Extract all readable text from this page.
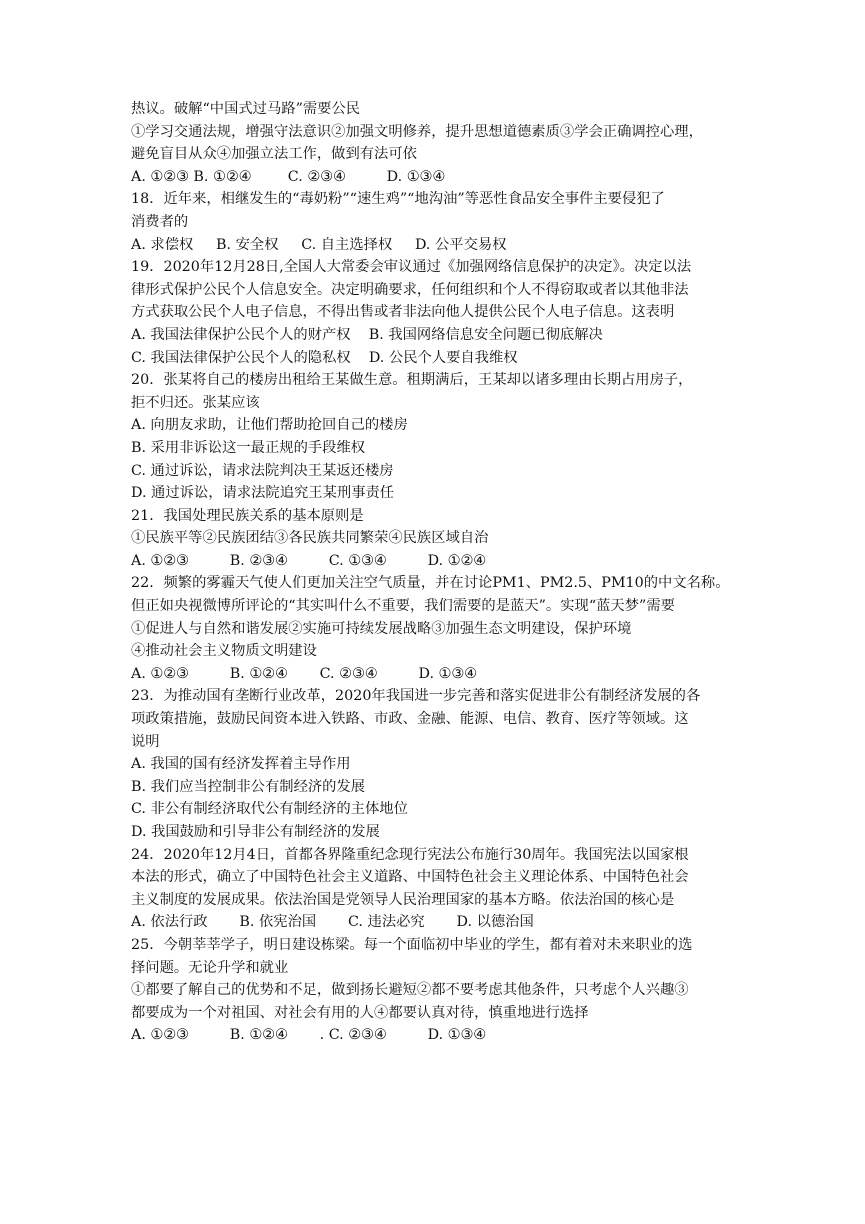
热议。破解“中国式过马路”需要公民
①学习交通法规，增强守法意识②加强文明修养，提升思想道德素质③学会正确调控心理，
避免盲目从众④加强立法工作，做到有法可依
A. ①②③ B. ①②④        C. ②③④         D. ①③④
18．近年来，相继发生的“毒奶粉”“速生鸡”“地沟油”等恶性食品安全事件主要侵犯了
消费者的
A. 求偿权     B. 安全权     C. 自主选择权     D. 公平交易权
19．2020年12月28日,全国人大常委会审议通过《加强网络信息保护的决定》。决定以法
律形式保护公民个人信息安全。决定明确要求，任何组织和个人不得窃取或者以其他非法
方式获取公民个人电子信息，不得出售或者非法向他人提供公民个人电子信息。这表明
A. 我国法律保护公民个人的财产权    B. 我国网络信息安全问题已彻底解决
C. 我国法律保护公民个人的隐私权    D. 公民个人要自我维权
20．张某将自己的楼房出租给王某做生意。租期满后，王某却以诸多理由长期占用房子，
拒不归还。张某应该
A. 向朋友求助，让他们帮助抢回自己的楼房
B. 采用非诉讼这一最正规的手段维权
C. 通过诉讼，请求法院判决王某返还楼房
D. 通过诉讼，请求法院追究王某刑事责任
21．我国处理民族关系的基本原则是
①民族平等②民族团结③各民族共同繁荣④民族区域自治
A. ①②③         B. ②③④         C. ①③④         D. ①②④
22．频繁的雾霾天气使人们更加关注空气质量，并在讨论PM1、PM2.5、PM10的中文名称。
但正如央视微博所评论的“其实叫什么不重要，我们需要的是蓝天”。实现“蓝天梦”需要
①促进人与自然和谐发展②实施可持续发展战略③加强生态文明建设，保护环境
④推动社会主义物质文明建设
A. ①②③         B. ①②④       C. ②③④         D. ①③④
23．为推动国有垄断行业改革，2020年我国进一步完善和落实促进非公有制经济发展的各
项政策措施，鼓励民间资本进入铁路、市政、金融、能源、电信、教育、医疗等领域。这
说明
A. 我国的国有经济发挥着主导作用
B. 我们应当控制非公有制经济的发展
C. 非公有制经济取代公有制经济的主体地位
D. 我国鼓励和引导非公有制经济的发展
24．2020年12月4日，首都各界隆重纪念现行宪法公布施行30周年。我国宪法以国家根
本法的形式，确立了中国特色社会主义道路、中国特色社会主义理论体系、中国特色社会
主义制度的发展成果。依法治国是党领导人民治理国家的基本方略。依法治国的核心是
A. 依法行政       B. 依宪治国       C. 违法必究       D. 以德治国
25．今朝莘莘学子，明日建设栋梁。每一个面临初中毕业的学生，都有着对未来职业的选
择问题。无论升学和就业
①都要了解自己的优势和不足，做到扬长避短②都不要考虑其他条件，只考虑个人兴趣③
都要成为一个对祖国、对社会有用的人④都要认真对待，慎重地进行选择
A. ①②③         B. ①②④       . C. ②③④         D. ①③④
